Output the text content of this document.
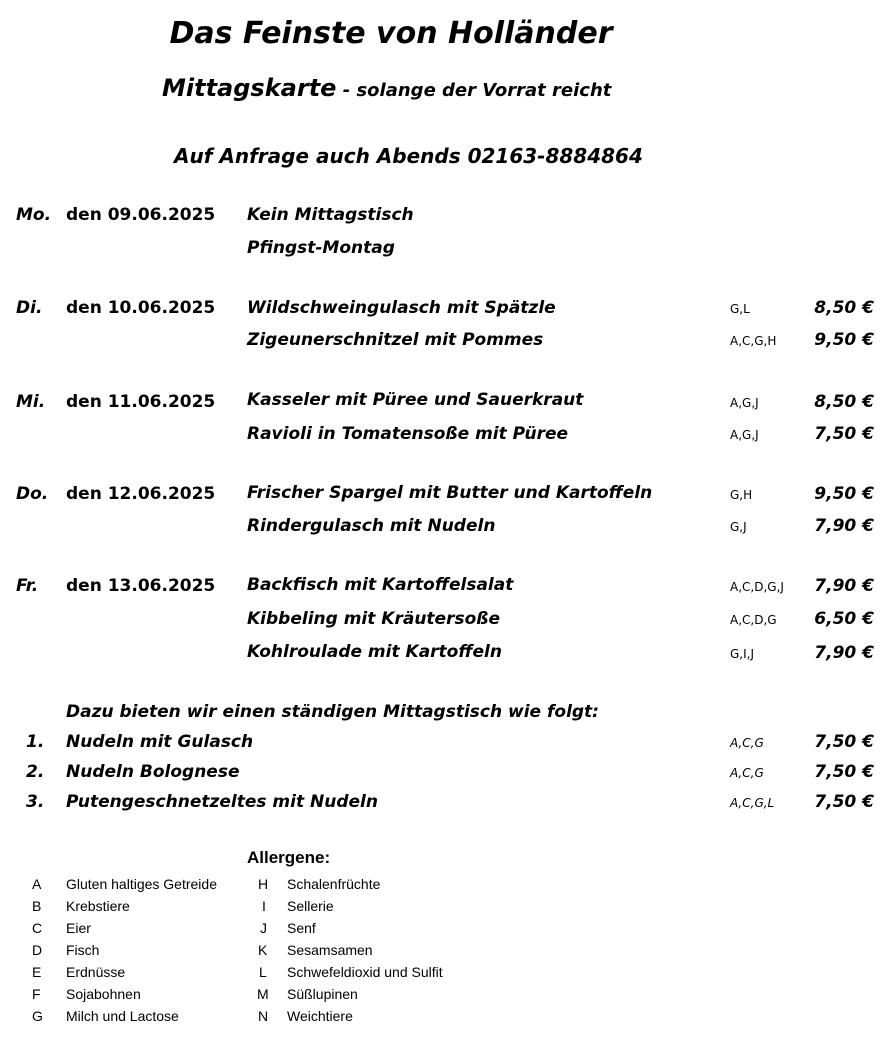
Das Feinste von Holländer
Mittagskarte - solange der Vorrat reicht
Auf Anfrage auch Abends 02163-8884864
Mo. den 09.06.2025 Kein Mittagstisch
Pfingst-Montag
Di. den 10.06.2025 Wildschweingulasch mit Spätzle	G,L	8,50 €
Zigeunerschnitzel mit Pommes	A,C,G,H 9,50 €
Mi. den 11.06.2025 Kasseler mit Püree und Sauerkraut	A,G,J	8,50 €
Ravioli in Tomatensoße mit Püree	A,G,J	7,50 €
Do. den 12.06.2025 Frischer Spargel mit Butter und Kartoffeln	G,H	9,50 €
Rindergulasch mit Nudeln	G,J	7,90 €
Fr. den 13.06.2025 Backfisch mit Kartoffelsalat	A,C,D,G,J 7,90 €
Kibbeling mit Kräutersoße	A,C,D,G 6,50 €
Kohlroulade mit Kartoffeln	G,I,J	7,90 €
Dazu bieten wir einen ständigen Mittagstisch wie folgt:
1. Nudeln mit Gulasch	A,C,G	7,50 €
2. Nudeln Bolognese	A,C,G	7,50 €
3. Putengeschnetzeltes mit Nudeln	A,C,G,L 7,50 €
Allergene:
A Gluten haltiges Getreide
B Krebstiere
C Eier
D Fisch
E Erdnüsse
F Sojabohnen
G Milch und Lactose
H Schalenfrüchte
I Sellerie
J Senf
K Sesamsamen
L Schwefeldioxid und Sulfit
M Süßlupinen
N Weichtiere
